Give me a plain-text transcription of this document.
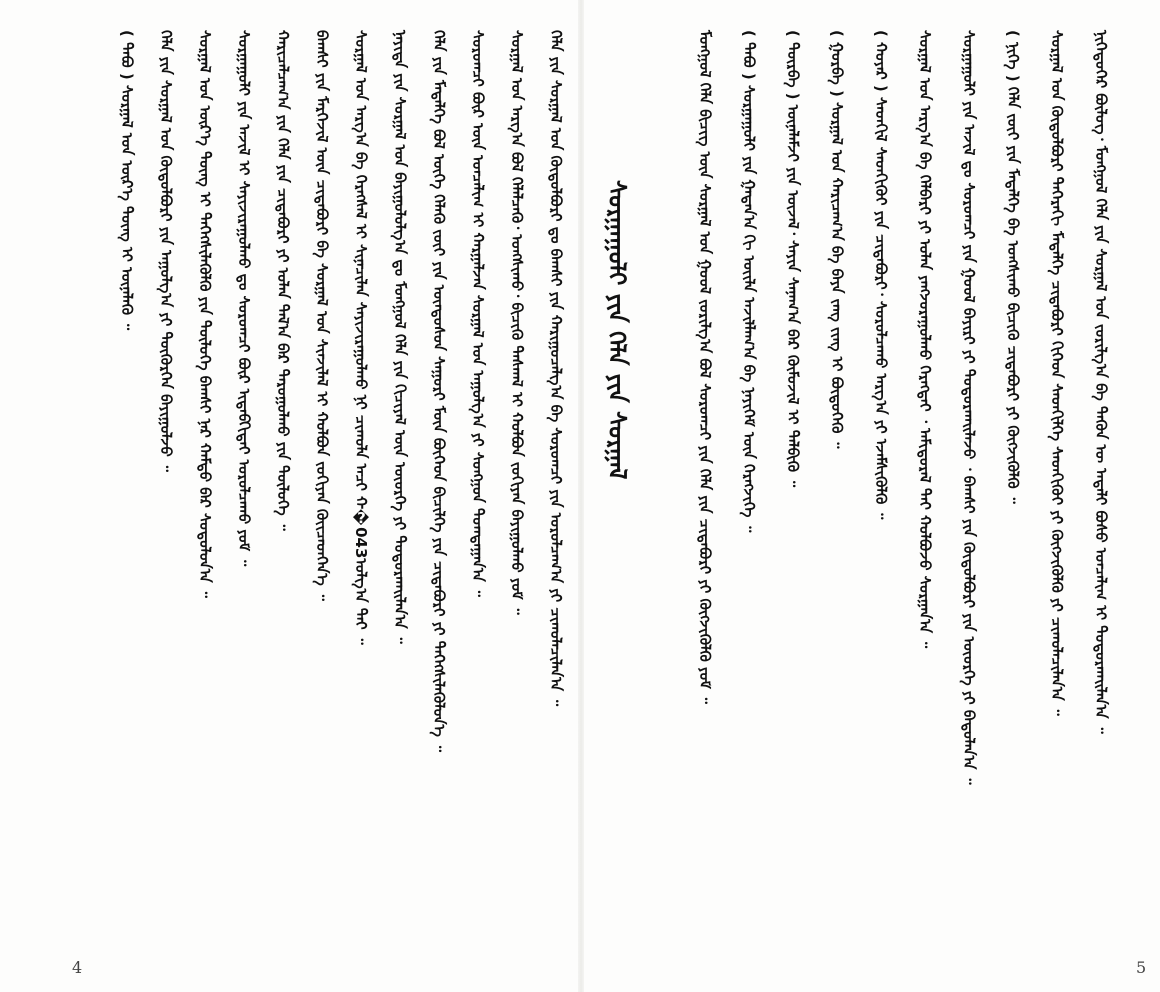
ᠨᠢᠭᠡᠳᠦᠭᠡᠷ ᠪᠦᠯᠦᠭ᠂ ᠮᠣᠩᠭᠣᠯ ᠬᠡᠯᠡ ᠶᠢᠨ ᠰᠤᠷᠭᠠᠯ ᠤᠨ ᠵᠣᠷᠢᠯᠭ᠎ᠠ ᠪᠠ ᠲᠡᠭᠦᠨ ᠦ ᠠᠳᠠᠯᠢ ᠪᠤᠰᠤ ᠣᠨᠴᠠᠯᠢᠭ ᠢ ᠲᠣᠳᠤᠷᠬᠠᠢᠯᠠᠨ᠎ᠠ ᠃
ᠰᠤᠷᠭᠠᠯ ᠤᠨ ᠬᠥᠲᠥᠯᠪᠦᠷᠢ ᠳᠡᠭᠡᠷᠡᠬᠢ ᠮᠡᠳᠡᠯᠭᠡ ᠴᠢᠳᠠᠪᠤᠷᠢ ᠬᠢᠭᠡᠳ ᠰᠡᠳᠬᠢᠯᠭᠡ ᠰᠡᠳᠬᠢᠬᠦᠢ ᠶᠢ ᠬᠥᠭᠵᠢᠭᠦᠯᠬᠦ ᠶᠢ ᠴᠢᠬᠤᠯᠠᠴᠢᠯᠠᠨ᠎ᠠ ᠃
( ᠨᠢᠭᠡ ) ᠬᠡᠯᠡ ᠵᠦᠢ ᠶᠢᠨ ᠮᠡᠳᠡᠯᠭᠡ ᠪᠠ ᠤᠩᠰᠢᠬᠤ ᠪᠢᠴᠢᠬᠦ ᠴᠢᠳᠠᠪᠤᠷᠢ ᠶᠢ ᠬᠥᠭᠵᠢᠭᠦᠯᠬᠦ ᠃
ᠰᠤᠷᠭᠠᠭᠤᠯᠢ ᠶᠢᠨ ᠠᠵᠢᠯ ᠳᠤ ᠰᠤᠷᠤᠭᠴᠢ ᠶᠢᠨ ᠭᠣᠣᠯ ᠪᠠᠶᠢᠷᠢ ᠶᠢ ᠲᠣᠳᠤᠷᠬᠠᠢᠯᠠᠵᠤ ᠂ ᠪᠠᠭᠰᠢ ᠶᠢᠨ ᠬᠥᠲᠥᠯᠪᠦᠷᠢ ᠶᠢᠨ ᠦᠦᠷᠭᠡ ᠶᠢ ᠪᠠᠲᠤᠯᠠᠨ᠎ᠠ ᠃
ᠰᠤᠷᠭᠠᠯ ᠤᠨ ᠠᠷᠭ᠎ᠠ ᠪᠠ ᠬᠡᠯᠪᠡᠷᠢ ᠶᠢ ᠣᠯᠠᠨ ᠶᠠᠩᠵᠤᠷᠠᠭᠤᠯᠬᠤ ᠬᠡᠷᠡᠭᠲᠡᠢ ᠂ ᠠᠮᠢᠳᠤᠷᠠᠯ ᠲᠠᠶ ᠬᠣᠯᠪᠣᠵᠤ ᠰᠤᠷᠭᠠᠨ᠎ᠠ ᠃
( ᠬᠣᠶᠠᠷ ) ᠰᠡᠳᠬᠢᠯ ᠰᠡᠳᠬᠢᠬᠦᠢ ᠶᠢᠨ ᠴᠢᠳᠠᠪᠤᠷᠢ᠂ ᠰᠤᠷᠤᠯᠴᠠᠬᠤ ᠠᠷᠭ᠎ᠠ ᠶᠢ ᠡᠵᠡᠮᠰᠢᠭᠦᠯᠬᠦ ᠃
( ᠭᠤᠷᠪᠠ ) ᠰᠤᠷᠭᠠᠯ ᠤᠨ ᠬᠠᠷᠢᠴᠠᠭ᠎ᠠ ᠪᠠ ᠪᠡᠶᠡ ᠵᠠᠩ ᠵᠢᠩ ᠢ ᠪᠦᠲᠦᠭᠡᠬᠦ ᠃
( ᠳᠥᠷᠪᠡ ) ᠦᠨᠡᠯᠡᠮᠵᠢ ᠶᠢᠨ ᠦᠵᠡᠯ᠂ ᠰᠠᠶᠢᠨ ᠰᠠᠨᠠᠭ᠎ᠠ ᠪᠠᠷ ᠬᠦᠮᠦᠵᠢᠯ ᠢ ᠲᠡᠯᠪᠢᠬᠦ ᠃
( ᠲᠠᠪᠤ ) ᠰᠤᠷᠭᠠᠭᠤᠯᠢ ᠶᠢᠨ ᠭᠠᠳᠠᠨ᠎ᠠ ᠬᠢ ᠦᠢᠯᠡ ᠠᠵᠢᠯᠯᠠᠭ᠎ᠠ ᠪᠠ ᠨᠡᠶᠢᠭᠡᠮ ᠦᠨ ᠬᠡᠷᠡᠭᠵᠢᠭᠡ ᠃
ᠮᠣᠩᠭᠣᠯ ᠬᠡᠯᠡ ᠪᠢᠴᠢᠭ ᠦᠨ ᠰᠤᠷᠭᠠᠯ ᠤᠨ ᠭᠣᠣᠯ ᠵᠣᠷᠢᠯᠭ᠎ᠠ ᠪᠣᠯ ᠰᠤᠷᠤᠭᠴᠢ ᠶᠢᠨ ᠬᠡᠯᠡ ᠶᠢᠨ ᠴᠢᠳᠠᠪᠤᠷᠢ ᠶᠢ ᠬᠥᠭᠵᠢᠭᠦᠯᠬᠦ ᠶᠤᠮ ᠃
ᠰᠤᠷᠭᠠᠭᠤᠯᠢ ᠶᠢᠨ ᠬᠡᠯᠡ ᠶᠢᠨ ᠰᠤᠷᠭᠠᠯ
ᠬᠡᠯᠡ ᠶᠢᠨ ᠰᠤᠷᠭᠠᠯ ᠤᠨ ᠬᠥᠲᠥᠯᠪᠦᠷᠢ ᠳᠤ ᠪᠠᠭᠰᠢ ᠶᠢᠨ ᠬᠠᠷᠢᠭᠤᠴᠠᠯᠭ᠎ᠠ ᠪᠠ ᠰᠤᠷᠤᠭᠴᠢ ᠶᠢᠨ ᠣᠷᠣᠯᠴᠠᠭ᠎ᠠ ᠶᠢ ᠴᠢᠬᠤᠯᠠᠴᠢᠯᠠᠨ᠎ᠠ ᠃
ᠰᠤᠷᠭᠠᠯ ᠤᠨ ᠠᠷᠭ᠎ᠠ ᠪᠣᠯ ᠬᠡᠯᠡᠯᠴᠡᠬᠦ᠂ ᠤᠩᠰᠢᠬᠤ᠂ ᠪᠢᠴᠢᠬᠦ ᠳᠠᠰᠬᠠᠯ ᠢ ᠬᠣᠯᠪᠣᠨ ᠵᠣᠬᠢᠶᠠᠨ ᠪᠠᠶᠢᠭᠤᠯᠬᠤ ᠶᠤᠮ ᠃
ᠰᠤᠷᠤᠭᠴᠢ ᠪᠦᠷ ᠦᠨ ᠣᠨᠴᠠᠯᠢᠭ ᠢ ᠬᠠᠷᠭᠠᠯᠵᠠᠨ ᠰᠤᠷᠭᠠᠯ ᠤᠨ ᠠᠭᠤᠯᠭ᠎ᠠ ᠶᠢ ᠰᠣᠩᠭᠣᠨ ᠲᠣᠭᠲᠠᠭᠠᠨ᠎ᠠ ᠃
ᠬᠡᠯᠡ ᠶᠢᠨ ᠮᠡᠳᠡᠯᠭᠡ ᠪᠣᠯ ᠦᠭᠡ ᠬᠡᠯᠡᠬᠦ ᠵᠦᠢ ᠶᠢᠨ ᠦᠨᠳᠦᠰᠦᠨ ᠰᠠᠭᠤᠷᠢ ᠮᠥᠨ ᠪᠥᠭᠡᠳ ᠪᠢᠴᠢᠯᠭᠡ ᠶᠢᠨ ᠴᠢᠳᠠᠪᠤᠷᠢ ᠶᠢ ᠳᠡᠭᠡᠭᠰᠢᠯᠡᠭᠦᠯᠦᠨ᠎ᠡ ᠃
ᠨᠡᠶᠢᠲᠡ ᠶᠢᠨ ᠰᠤᠷᠭᠠᠯ ᠤᠨ ᠪᠠᠶᠢᠭᠤᠯᠤᠯᠭ᠎ᠠ ᠳᠤ ᠮᠣᠩᠭᠣᠯ ᠬᠡᠯᠡ ᠶᠢᠨ ᠬᠢᠴᠢᠶᠡᠯ ᠦᠨ ᠦᠦᠷᠭᠡ ᠶᠢ ᠲᠣᠳᠤᠷᠬᠠᠢᠯᠠᠨ᠎ᠠ ᠃
ᠰᠤᠷᠭᠠᠯ ᠤᠨ ᠠᠷᠭ᠎ᠠ ᠪᠠ ᠬᠡᠷᠡᠭᠰᠡᠯ ᠢ ᠰᠢᠨᠡᠴᠢᠯᠡᠨ ᠰᠠᠶᠢᠵᠢᠷᠠᠭᠤᠯᠬᠤ ᠨᠢ ᠴᠢᠬᠤᠯᠠ ᠠᠴᠢ ᠬ�043ᠤᠯᠭ᠎ᠠ ᠲᠠᠶ ᠃
ᠪᠠᠭᠰᠢ ᠶᠢᠨ ᠮᠡᠷᠭᠡᠵᠢᠯ ᠦᠨ ᠴᠢᠳᠠᠪᠤᠷᠢ ᠪᠠ ᠰᠤᠷᠭᠠᠯ ᠤᠨ ᠰᠢᠨᠵᠢᠯᠡᠯ ᠢ ᠬᠣᠯᠪᠣᠨ ᠵᠣᠬᠢᠶᠠᠨ ᠭᠦᠢᠴᠡᠳᠬᠡᠨ᠎ᠡ ᠃
ᠬᠠᠷᠢᠴᠠᠯᠴᠠᠭ᠎ᠠ ᠶᠢᠨ ᠬᠡᠯᠡ ᠶᠢᠨ ᠴᠢᠳᠠᠪᠤᠷᠢ ᠶᠢ ᠣᠯᠠᠨ ᠲᠠᠯ᠎ᠠ ᠪᠠᠷ ᠳᠠᠷᠤᠭᠤᠯᠬᠤ ᠶᠢᠨ ᠲᠥᠯᠦᠭᠡ ᠃
ᠰᠤᠷᠭᠠᠭᠤᠯᠢ ᠶᠢᠨ ᠠᠵᠢᠯ ᠢ ᠰᠠᠶᠢᠵᠢᠷᠠᠭᠤᠯᠬᠤ ᠳᠤ ᠰᠤᠷᠤᠭᠴᠢ ᠪᠦᠷ ᠢᠳᠡᠪᠬᠢᠲᠡᠢ ᠣᠷᠣᠯᠴᠠᠬᠤ ᠶᠤᠮ ᠃
ᠰᠤᠷᠭᠠᠯ ᠤᠨ ᠦᠷ᠎ᠡ ᠳᠦᠩ ᠢ ᠳᠡᠭᠡᠭᠰᠢᠯᠡᠭᠦᠯᠬᠦ ᠶᠢᠨ ᠲᠥᠯᠦᠭᠡ ᠪᠠᠭᠰᠢ ᠨᠠᠷ ᠬᠠᠮᠲᠤ ᠪᠡᠷ ᠰᠤᠳᠤᠯᠤᠨ᠎ᠠ ᠃
ᠬᠡᠯᠡ ᠶᠢᠨ ᠰᠤᠷᠭᠠᠯ ᠤᠨ ᠬᠥᠲᠥᠯᠪᠦᠷᠢ ᠶᠢᠨ ᠠᠭᠤᠯᠭ᠎ᠠ ᠶᠢ ᠳᠦᠭᠦᠷᠭᠡᠨ ᠪᠠᠶᠢᠭᠤᠯᠵᠤ ᠃
( ᠲᠠᠪᠤ ) ᠰᠤᠷᠭᠠᠯ ᠤᠨ ᠦᠷ᠎ᠡ ᠳᠦᠩ ᠢ ᠦᠨᠡᠯᠡᠬᠦ ᠃
4	5
